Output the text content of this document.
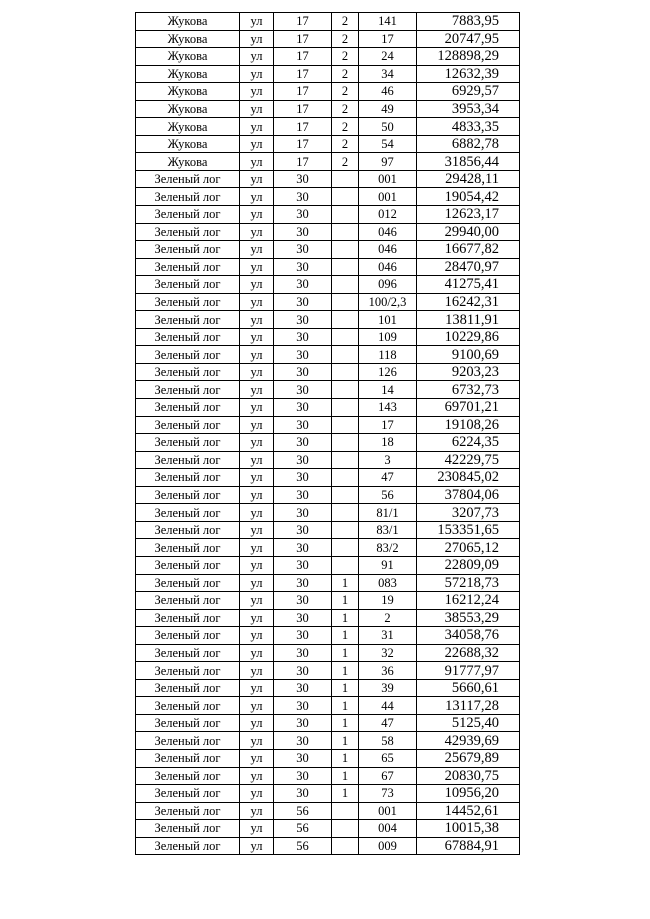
Жукова	ул	17	2	141	7883,95
Жукова	ул	17	2	17	20747,95
Жукова	ул	17	2	24	128898,29
Жукова	ул	17	2	34	12632,39
Жукова	ул	17	2	46	6929,57
Жукова	ул	17	2	49	3953,34
Жукова	ул	17	2	50	4833,35
Жукова	ул	17	2	54	6882,78
Жукова	ул	17	2	97	31856,44
Зеленый лог	ул	30		001	29428,11
Зеленый лог	ул	30		001	19054,42
Зеленый лог	ул	30		012	12623,17
Зеленый лог	ул	30		046	29940,00
Зеленый лог	ул	30		046	16677,82
Зеленый лог	ул	30		046	28470,97
Зеленый лог	ул	30		096	41275,41
Зеленый лог	ул	30		100/2,3	16242,31
Зеленый лог	ул	30		101	13811,91
Зеленый лог	ул	30		109	10229,86
Зеленый лог	ул	30		118	9100,69
Зеленый лог	ул	30		126	9203,23
Зеленый лог	ул	30		14	6732,73
Зеленый лог	ул	30		143	69701,21
Зеленый лог	ул	30		17	19108,26
Зеленый лог	ул	30		18	6224,35
Зеленый лог	ул	30		3	42229,75
Зеленый лог	ул	30		47	230845,02
Зеленый лог	ул	30		56	37804,06
Зеленый лог	ул	30		81/1	3207,73
Зеленый лог	ул	30		83/1	153351,65
Зеленый лог	ул	30		83/2	27065,12
Зеленый лог	ул	30		91	22809,09
Зеленый лог	ул	30	1	083	57218,73
Зеленый лог	ул	30	1	19	16212,24
Зеленый лог	ул	30	1	2	38553,29
Зеленый лог	ул	30	1	31	34058,76
Зеленый лог	ул	30	1	32	22688,32
Зеленый лог	ул	30	1	36	91777,97
Зеленый лог	ул	30	1	39	5660,61
Зеленый лог	ул	30	1	44	13117,28
Зеленый лог	ул	30	1	47	5125,40
Зеленый лог	ул	30	1	58	42939,69
Зеленый лог	ул	30	1	65	25679,89
Зеленый лог	ул	30	1	67	20830,75
Зеленый лог	ул	30	1	73	10956,20
Зеленый лог	ул	56		001	14452,61
Зеленый лог	ул	56		004	10015,38
Зеленый лог	ул	56		009	67884,91
